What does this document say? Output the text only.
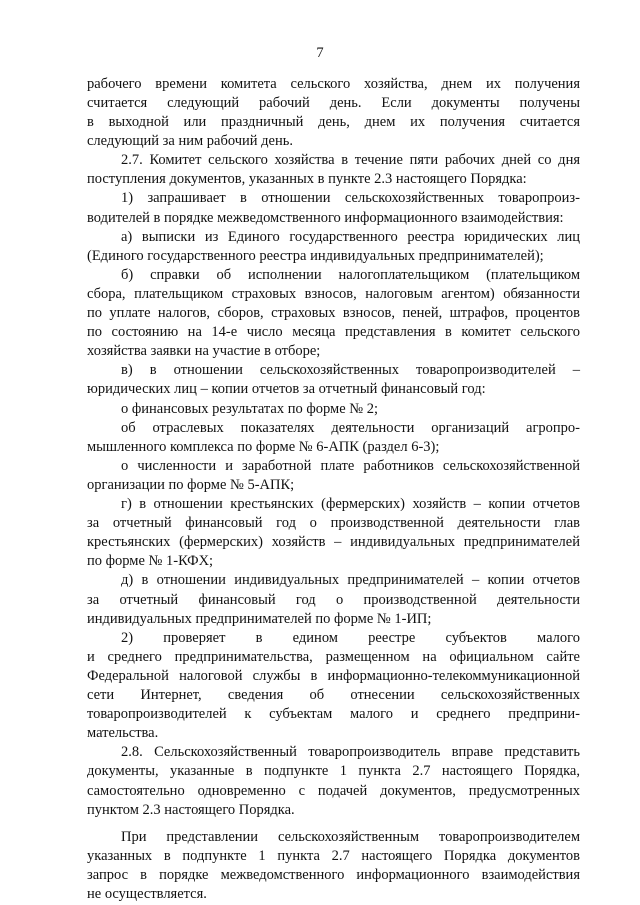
7
рабочего времени комитета сельского хозяйства, днем их получения
считается следующий рабочий день. Если документы получены
в выходной или праздничный день, днем их получения считается
следующий за ним рабочий день.
2.7. Комитет сельского хозяйства в течение пяти рабочих дней со дня
поступления документов, указанных в пункте 2.3 настоящего Порядка:
1) запрашивает в отношении сельскохозяйственных товаропроиз-
водителей в порядке межведомственного информационного взаимодействия:
а) выписки из Единого государственного реестра юридических лиц
(Единого государственного реестра индивидуальных предпринимателей);
б) справки об исполнении налогоплательщиком (плательщиком
сбора, плательщиком страховых взносов, налоговым агентом) обязанности
по уплате налогов, сборов, страховых взносов, пеней, штрафов, процентов
по состоянию на 14-е число месяца представления в комитет сельского
хозяйства заявки на участие в отборе;
в) в отношении сельскохозяйственных товаропроизводителей –
юридических лиц – копии отчетов за отчетный финансовый год:
о финансовых результатах по форме № 2;
об отраслевых показателях деятельности организаций агропро-
мышленного комплекса по форме № 6-АПК (раздел 6-3);
о численности и заработной плате работников сельскохозяйственной
организации по форме № 5-АПК;
г) в отношении крестьянских (фермерских) хозяйств – копии отчетов
за отчетный финансовый год о производственной деятельности глав
крестьянских (фермерских) хозяйств – индивидуальных предпринимателей
по форме № 1-КФХ;
д) в отношении индивидуальных предпринимателей – копии отчетов
за отчетный финансовый год о производственной деятельности
индивидуальных предпринимателей по форме № 1-ИП;
2) проверяет в едином реестре субъектов малого
и среднего предпринимательства, размещенном на официальном сайте
Федеральной налоговой службы в информационно-телекоммуникационной
сети Интернет, сведения об отнесении сельскохозяйственных
товаропроизводителей к субъектам малого и среднего предприни-
мательства.
2.8. Сельскохозяйственный товаропроизводитель вправе представить
документы, указанные в подпункте 1 пункта 2.7 настоящего Порядка,
самостоятельно одновременно с подачей документов, предусмотренных
пунктом 2.3 настоящего Порядка.
При представлении сельскохозяйственным товаропроизводителем
указанных в подпункте 1 пункта 2.7 настоящего Порядка документов
запрос в порядке межведомственного информационного взаимодействия
не осуществляется.
